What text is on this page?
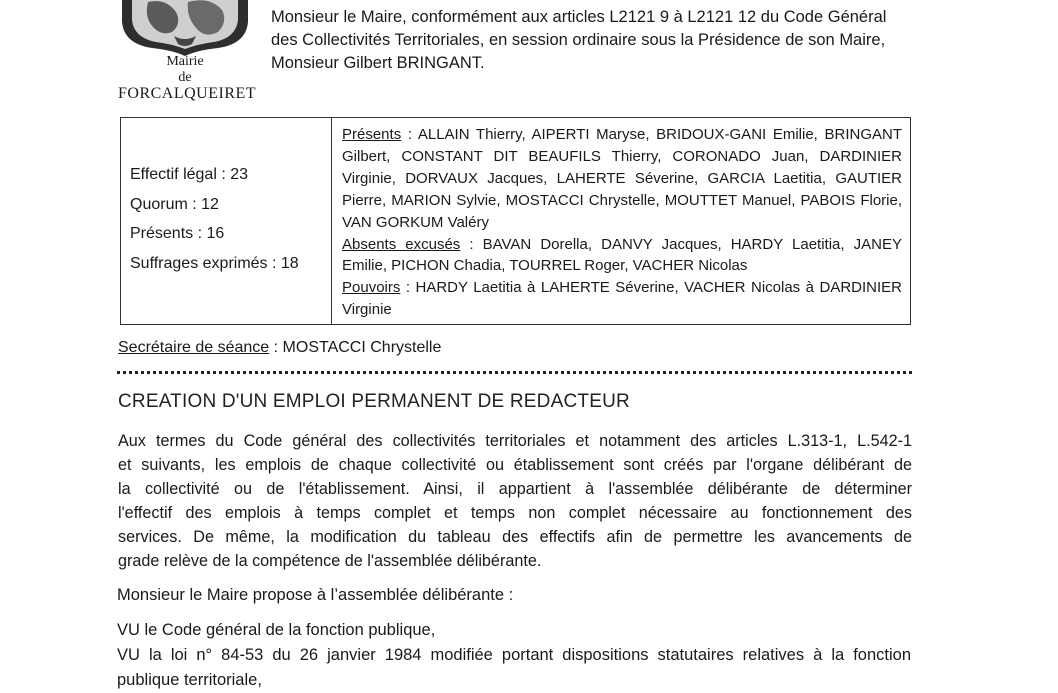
Mairie
de
FORCALQUEIRET
Monsieur le Maire, conformément aux articles L2121 9 à L2121 12 du Code Général
des Collectivités Territoriales, en session ordinaire sous la Présidence de son Maire,
Monsieur Gilbert BRINGANT.
Effectif légal : 23
Quorum : 12
Présents : 16
Suffrages exprimés : 18

Présents : ALLAIN Thierry, AIPERTI Maryse, BRIDOUX-GANI Emilie, BRINGANT Gilbert, CONSTANT DIT BEAUFILS Thierry, CORONADO Juan, DARDINIER Virginie, DORVAUX Jacques, LAHERTE Séverine, GARCIA Laetitia, GAUTIER Pierre, MARION Sylvie, MOSTACCI Chrystelle, MOUTTET Manuel, PABOIS Florie, VAN GORKUM Valéry

Absents excusés : BAVAN Dorella, DANVY Jacques, HARDY Laetitia, JANEY Emilie, PICHON Chadia, TOURREL Roger, VACHER Nicolas

Pouvoirs : HARDY Laetitia à LAHERTE Séverine, VACHER Nicolas à DARDINIER Virginie

Secrétaire de séance : MOSTACCI Chrystelle
CREATION D'UN EMPLOI PERMANENT DE REDACTEUR
Aux termes du Code général des collectivités territoriales et notamment des articles L.313-1, L.542-1
et suivants, les emplois de chaque collectivité ou établissement sont créés par l'organe délibérant de
la collectivité ou de l'établissement. Ainsi, il appartient à l'assemblée délibérante de déterminer
l'effectif des emplois à temps complet et temps non complet nécessaire au fonctionnement des
services. De même, la modification du tableau des effectifs afin de permettre les avancements de
grade relève de la compétence de l'assemblée délibérante.
Monsieur le Maire propose à l’assemblée délibérante :
VU le Code général de la fonction publique,
VU la loi n° 84-53 du 26 janvier 1984 modifiée portant dispositions statutaires relatives à la fonction
publique territoriale,
